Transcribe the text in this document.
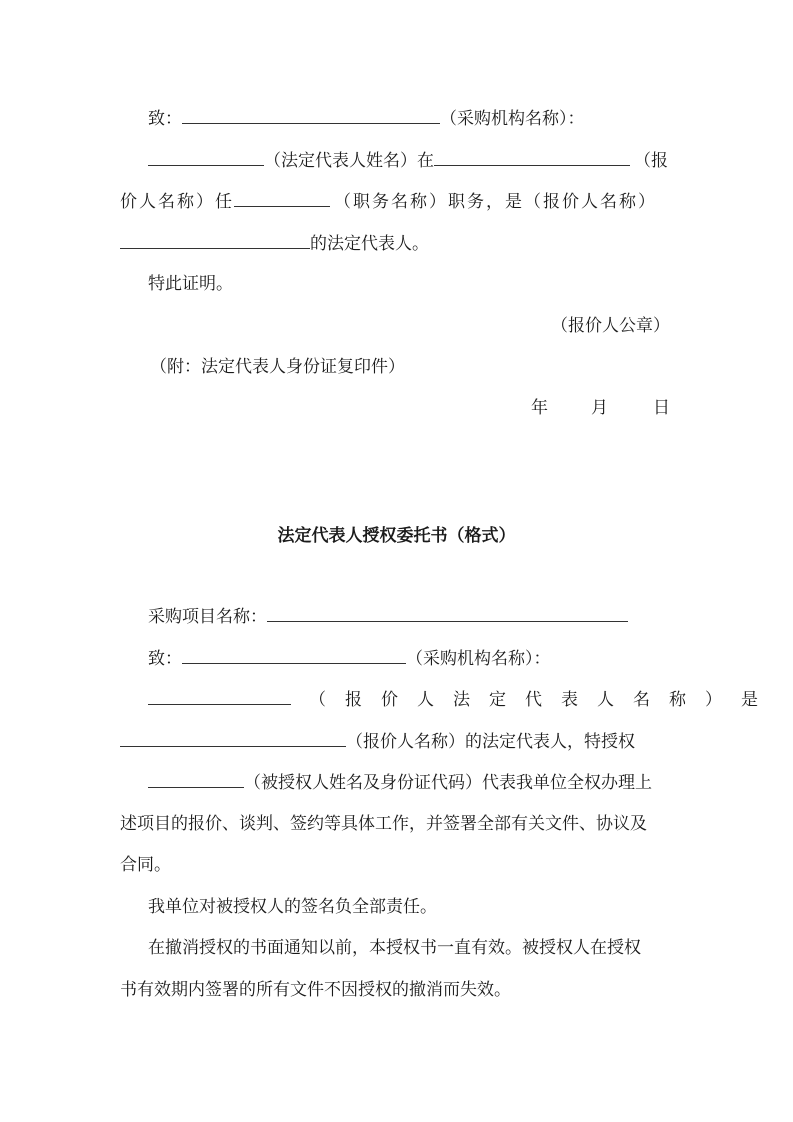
致：	（采购机构名称）：
（法定代表人姓名）在	（报
价人名称）任	（职务名称）职务，是（报价人名称）
的法定代表人。
特此证明。
（报价人公章）
（附：法定代表人身份证复印件）
年	月	日
法定代表人授权委托书（格式）
采购项目名称：
致：	（采购机构名称）：
（报价人法定代表人名称）是
（报价人名称）的法定代表人，特授权
（被授权人姓名及身份证代码）代表我单位全权办理上
述项目的报价、谈判、签约等具体工作，并签署全部有关文件、协议及
合同。
我单位对被授权人的签名负全部责任。
在撤消授权的书面通知以前，本授权书一直有效。被授权人在授权
书有效期内签署的所有文件不因授权的撤消而失效。
